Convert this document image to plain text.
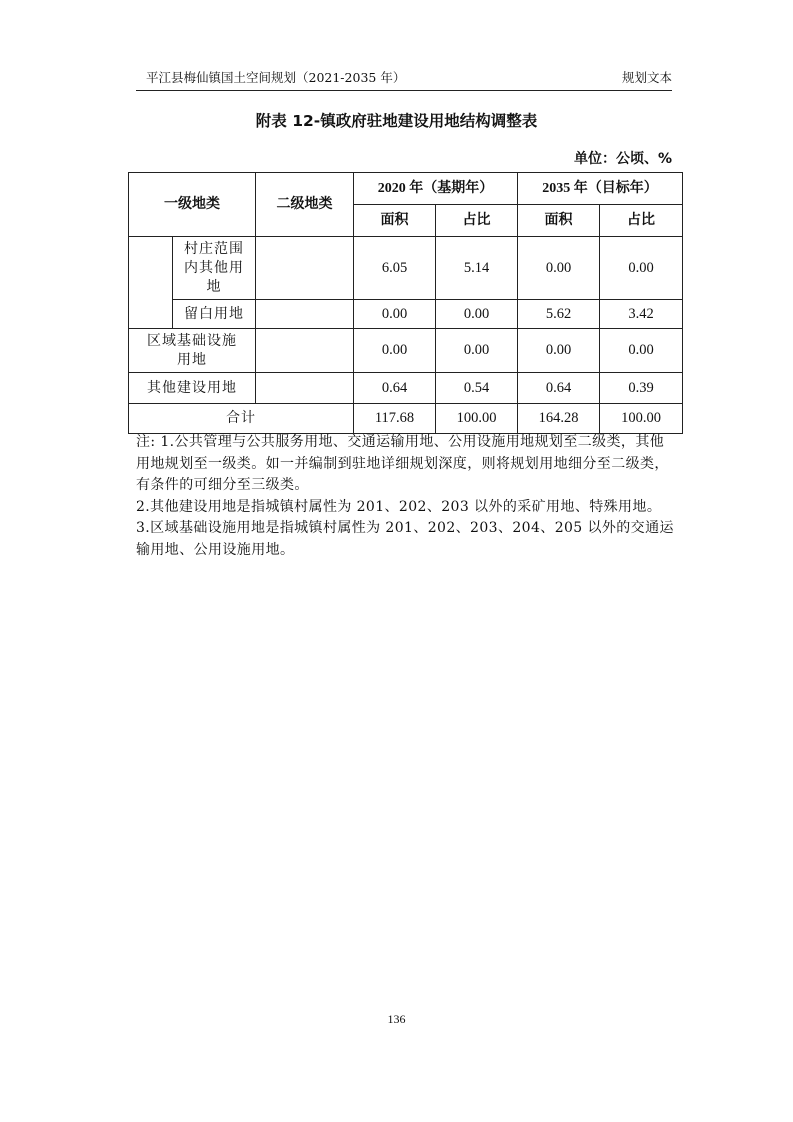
平江县梅仙镇国土空间规划（2021-2035 年）	规划文本
附表 12-镇政府驻地建设用地结构调整表
单位：公顷、%
一级地类		二级地类	2020 年（基期年）		2035 年（目标年）	
			面积	占比	面积	占比
	村庄范围内其他用地		6.05	5.14	0.00	0.00
	留白用地		0.00	0.00	5.62	3.42
区域基础设施用地			0.00	0.00	0.00	0.00
其他建设用地			0.64	0.54	0.64	0.39
合计			117.68	100.00	164.28	100.00

注: 1.公共管理与公共服务用地、交通运输用地、公用设施用地规划至二级类，其他用地规划至一级类。如一并编制到驻地详细规划深度，则将规划用地细分至二级类，有条件的可细分至三级类。

2.其他建设用地是指城镇村属性为 201、202、203 以外的采矿用地、特殊用地。

3.区域基础设施用地是指城镇村属性为 201、202、203、204、205 以外的交通运输用地、公用设施用地。

136
